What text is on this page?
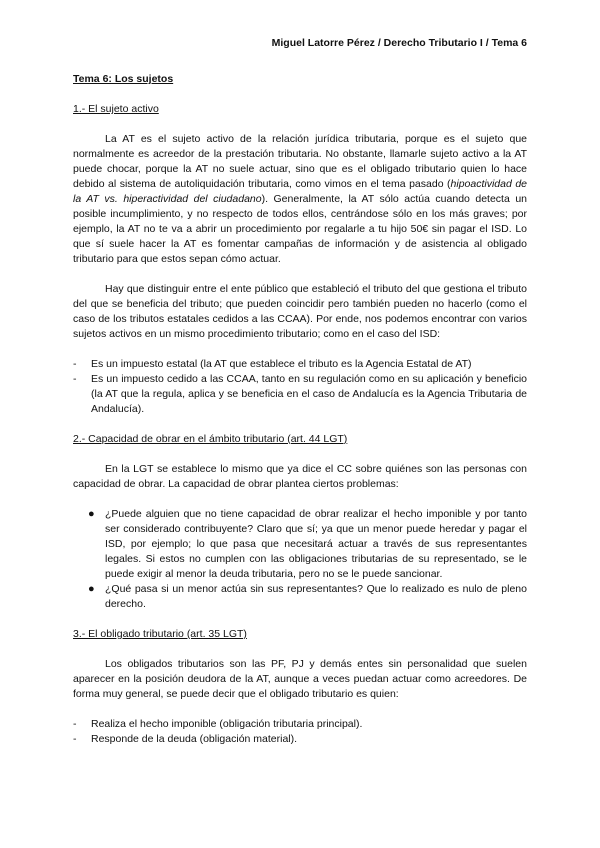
Miguel Latorre Pérez / Derecho Tributario I / Tema 6
Tema 6: Los sujetos
1.- El sujeto activo

La AT es el sujeto activo de la relación jurídica tributaria, porque es el sujeto que normalmente es acreedor de la prestación tributaria. No obstante, llamarle sujeto activo a la AT puede chocar, porque la AT no suele actuar, sino que es el obligado tributario quien lo hace debido al sistema de autoliquidación tributaria, como vimos en el tema pasado (hipoactividad de la AT vs. hiperactividad del ciudadano). Generalmente, la AT sólo actúa cuando detecta un posible incumplimiento, y no respecto de todos ellos, centrándose sólo en los más graves; por ejemplo, la AT no te va a abrir un procedimiento por regalarle a tu hijo 50€ sin pagar el ISD. Lo que sí suele hacer la AT es fomentar campañas de información y de asistencia al obligado tributario para que estos sepan cómo actuar.

Hay que distinguir entre el ente público que estableció el tributo del que gestiona el tributo del que se beneficia del tributo; que pueden coincidir pero también pueden no hacerlo (como el caso de los tributos estatales cedidos a las CCAA). Por ende, nos podemos encontrar con varios sujetos activos en un mismo procedimiento tributario; como en el caso del ISD:

- Es un impuesto estatal (la AT que establece el tributo es la Agencia Estatal de AT)
- Es un impuesto cedido a las CCAA, tanto en su regulación como en su aplicación y beneficio (la AT que la regula, aplica y se beneficia en el caso de Andalucía es la Agencia Tributaria de Andalucía).
2.- Capacidad de obrar en el ámbito tributario (art. 44 LGT)

En la LGT se establece lo mismo que ya dice el CC sobre quiénes son las personas con capacidad de obrar. La capacidad de obrar plantea ciertos problemas:

● ¿Puede alguien que no tiene capacidad de obrar realizar el hecho imponible y por tanto ser considerado contribuyente? Claro que sí; ya que un menor puede heredar y pagar el ISD, por ejemplo; lo que pasa que necesitará actuar a través de sus representantes legales. Si estos no cumplen con las obligaciones tributarias de su representado, se le puede exigir al menor la deuda tributaria, pero no se le puede sancionar.
● ¿Qué pasa si un menor actúa sin sus representantes? Que lo realizado es nulo de pleno derecho.
3.- El obligado tributario (art. 35 LGT)

Los obligados tributarios son las PF, PJ y demás entes sin personalidad que suelen aparecer en la posición deudora de la AT, aunque a veces puedan actuar como acreedores. De forma muy general, se puede decir que el obligado tributario es quien:

- Realiza el hecho imponible (obligación tributaria principal).
- Responde de la deuda (obligación material).
